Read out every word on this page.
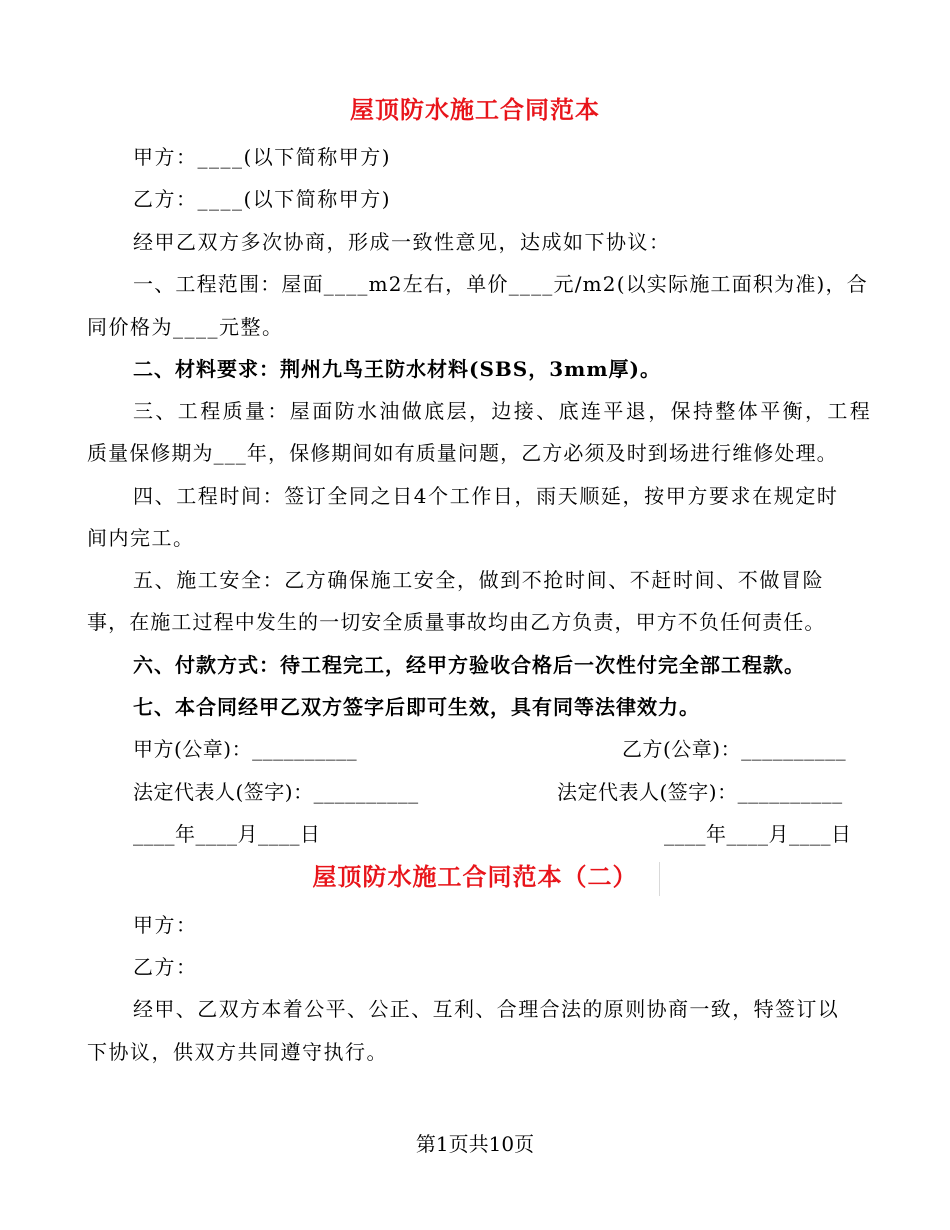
屋顶防水施工合同范本
甲方：____(以下简称甲方)
乙方：____(以下简称甲方)
经甲乙双方多次协商，形成一致性意见，达成如下协议：
一、工程范围：屋面____m2左右，单价____元/m2(以实际施工面积为准)，合
同价格为____元整。
二、材料要求：荆州九鸟王防水材料(SBS，3mm厚)。
三、工程质量：屋面防水油做底层，边接、底连平退，保持整体平衡，工程
质量保修期为___年，保修期间如有质量问题，乙方必须及时到场进行维修处理。
四、工程时间：签订全同之日4个工作日，雨天顺延，按甲方要求在规定时
间内完工。
五、施工安全：乙方确保施工安全，做到不抢时间、不赶时间、不做冒险
事，在施工过程中发生的一切安全质量事故均由乙方负责，甲方不负任何责任。
六、付款方式：待工程完工，经甲方验收合格后一次性付完全部工程款。
七、本合同经甲乙双方签字后即可生效，具有同等法律效力。
甲方(公章)：__________	乙方(公章)：__________
法定代表人(签字)：__________	法定代表人(签字)：__________
____年____月____日	____年____月____日
屋顶防水施工合同范本（二）
甲方：
乙方：
经甲、乙双方本着公平、公正、互利、合理合法的原则协商一致，特签订以
下协议，供双方共同遵守执行。
第1页共10页
